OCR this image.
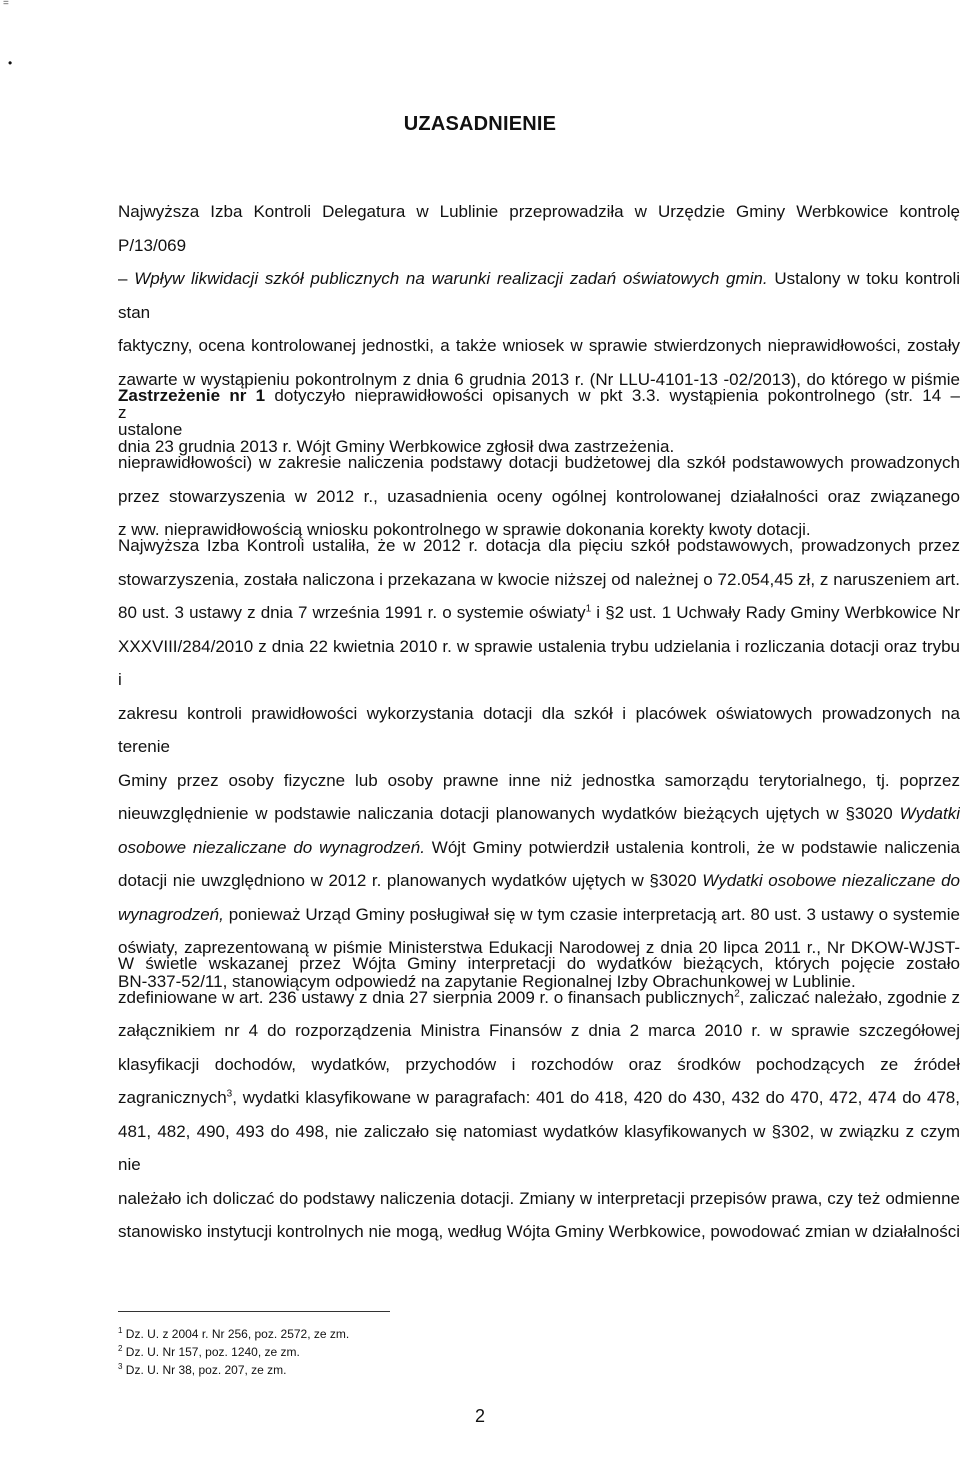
=
•
UZASADNIENIE
Najwyższa Izba Kontroli Delegatura w Lublinie przeprowadziła w Urzędzie Gminy Werbkowice kontrolę P/13/069
– Wpływ likwidacji szkół publicznych na warunki realizacji zadań oświatowych gmin. Ustalony w toku kontroli stan
faktyczny, ocena kontrolowanej jednostki, a także wniosek w sprawie stwierdzonych nieprawidłowości, zostały
zawarte w wystąpieniu pokontrolnym z dnia 6 grudnia 2013 r. (Nr LLU-4101-13 -02/2013), do którego w piśmie z
dnia 23 grudnia 2013 r. Wójt Gminy Werbkowice zgłosił dwa zastrzeżenia.
Zastrzeżenie nr 1 dotyczyło nieprawidłowości opisanych w pkt 3.3. wystąpienia pokontrolnego (str. 14 – ustalone
nieprawidłowości) w zakresie naliczenia podstawy dotacji budżetowej dla szkół podstawowych prowadzonych
przez stowarzyszenia w 2012 r., uzasadnienia oceny ogólnej kontrolowanej działalności oraz związanego
z ww. nieprawidłowością wniosku pokontrolnego w sprawie dokonania korekty kwoty dotacji.
Najwyższa Izba Kontroli ustaliła, że w 2012 r. dotacja dla pięciu szkół podstawowych, prowadzonych przez
stowarzyszenia, została naliczona i przekazana w kwocie niższej od należnej o 72.054,45 zł, z naruszeniem art.
80 ust. 3 ustawy z dnia 7 września 1991 r. o systemie oświaty$^1$ i §2 ust. 1 Uchwały Rady Gminy Werbkowice Nr
XXXVIII/284/2010 z dnia 22 kwietnia 2010 r. w sprawie ustalenia trybu udzielania i rozliczania dotacji oraz trybu i
zakresu kontroli prawidłowości wykorzystania dotacji dla szkół i placówek oświatowych prowadzonych na terenie
Gminy przez osoby fizyczne lub osoby prawne inne niż jednostka samorządu terytorialnego, tj. poprzez
nieuwzględnienie w podstawie naliczania dotacji planowanych wydatków bieżących ujętych w §3020 Wydatki
osobowe niezaliczane do wynagrodzeń. Wójt Gminy potwierdził ustalenia kontroli, że w podstawie naliczenia
dotacji nie uwzględniono w 2012 r. planowanych wydatków ujętych w §3020 Wydatki osobowe niezaliczane do
wynagrodzeń, ponieważ Urząd Gminy posługiwał się w tym czasie interpretacją art. 80 ust. 3 ustawy o systemie
oświaty, zaprezentowaną w piśmie Ministerstwa Edukacji Narodowej z dnia 20 lipca 2011 r., Nr DKOW-WJST-
BN-337-52/11, stanowiącym odpowiedź na zapytanie Regionalnej Izby Obrachunkowej w Lublinie.
W świetle wskazanej przez Wójta Gminy interpretacji do wydatków bieżących, których pojęcie zostało
zdefiniowane w art. 236 ustawy z dnia 27 sierpnia 2009 r. o finansach publicznych$^2$, zaliczać należało, zgodnie z
załącznikiem nr 4 do rozporządzenia Ministra Finansów z dnia 2 marca 2010 r. w sprawie szczegółowej
klasyfikacji dochodów, wydatków, przychodów i rozchodów oraz środków pochodzących ze źródeł
zagranicznych$^3$, wydatki klasyfikowane w paragrafach: 401 do 418, 420 do 430, 432 do 470, 472, 474 do 478,
481, 482, 490, 493 do 498, nie zaliczało się natomiast wydatków klasyfikowanych w §302, w związku z czym nie
należało ich doliczać do podstawy naliczenia dotacji. Zmiany w interpretacji przepisów prawa, czy też odmienne
stanowisko instytucji kontrolnych nie mogą, według Wójta Gminy Werbkowice, powodować zmian w działalności
$^1$ Dz. U. z 2004 r. Nr 256, poz. 2572, ze zm.
$^2$ Dz. U. Nr 157, poz. 1240, ze zm.
$^3$ Dz. U. Nr 38, poz. 207, ze zm.
2
